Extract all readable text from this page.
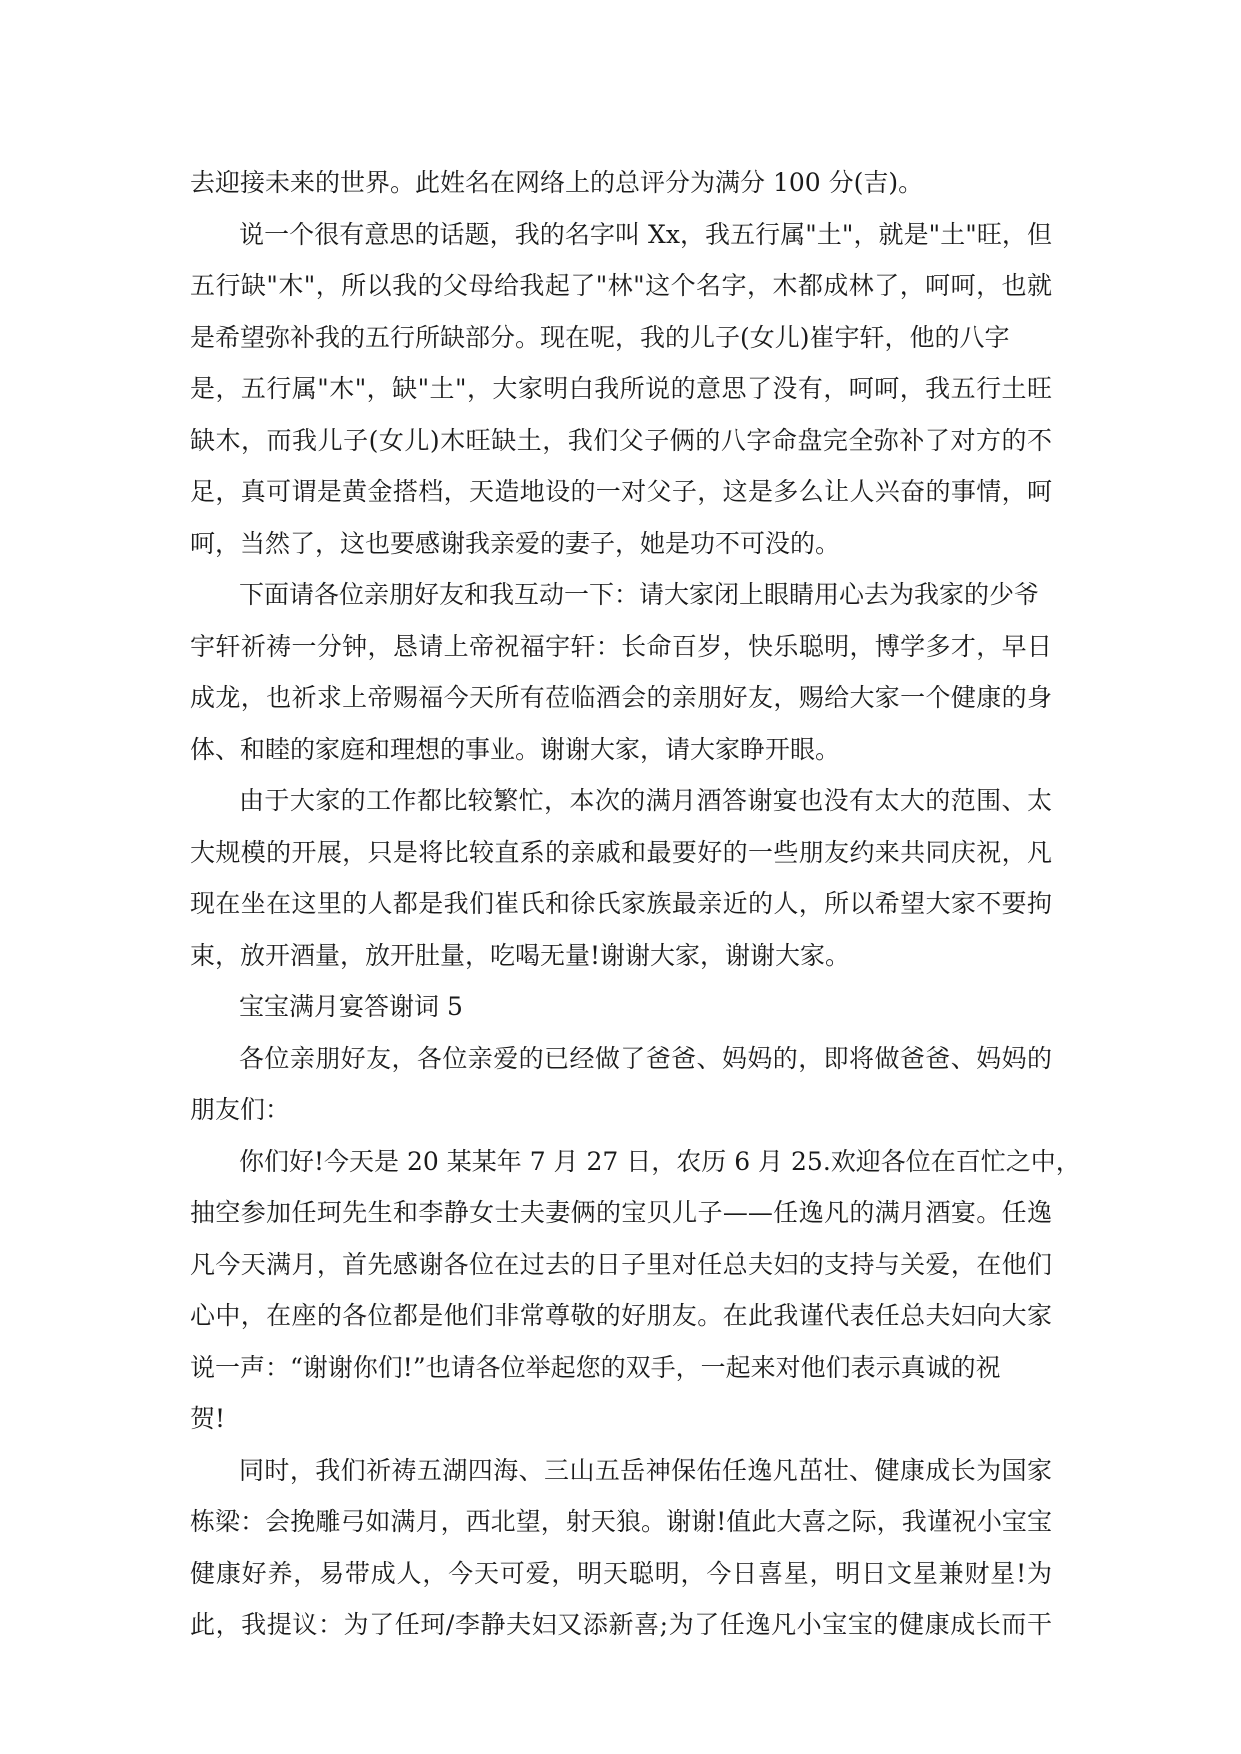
去迎接未来的世界。此姓名在网络上的总评分为满分 100 分(吉)。
说一个很有意思的话题，我的名字叫 Xx，我五行属"土"，就是"土"旺，但
五行缺"木"，所以我的父母给我起了"林"这个名字，木都成林了，呵呵，也就
是希望弥补我的五行所缺部分。现在呢，我的儿子(女儿)崔宇轩，他的八字
是，五行属"木"，缺"土"，大家明白我所说的意思了没有，呵呵，我五行土旺
缺木，而我儿子(女儿)木旺缺土，我们父子俩的八字命盘完全弥补了对方的不
足，真可谓是黄金搭档，天造地设的一对父子，这是多么让人兴奋的事情，呵
呵，当然了，这也要感谢我亲爱的妻子，她是功不可没的。
下面请各位亲朋好友和我互动一下：请大家闭上眼睛用心去为我家的少爷
宇轩祈祷一分钟，恳请上帝祝福宇轩：长命百岁，快乐聪明，博学多才，早日
成龙，也祈求上帝赐福今天所有莅临酒会的亲朋好友，赐给大家一个健康的身
体、和睦的家庭和理想的事业。谢谢大家，请大家睁开眼。
由于大家的工作都比较繁忙，本次的满月酒答谢宴也没有太大的范围、太
大规模的开展，只是将比较直系的亲戚和最要好的一些朋友约来共同庆祝，凡
现在坐在这里的人都是我们崔氏和徐氏家族最亲近的人，所以希望大家不要拘
束，放开酒量，放开肚量，吃喝无量!谢谢大家，谢谢大家。
宝宝满月宴答谢词 5
各位亲朋好友，各位亲爱的已经做了爸爸、妈妈的，即将做爸爸、妈妈的
朋友们：
你们好!今天是 20 某某年 7 月 27 日，农历 6 月 25.欢迎各位在百忙之中，
抽空参加任珂先生和李静女士夫妻俩的宝贝儿子——任逸凡的满月酒宴。任逸
凡今天满月，首先感谢各位在过去的日子里对任总夫妇的支持与关爱，在他们
心中，在座的各位都是他们非常尊敬的好朋友。在此我谨代表任总夫妇向大家
说一声：“谢谢你们!”也请各位举起您的双手，一起来对他们表示真诚的祝
贺!
同时，我们祈祷五湖四海、三山五岳神保佑任逸凡茁壮、健康成长为国家
栋梁：会挽雕弓如满月，西北望，射天狼。谢谢!值此大喜之际，我谨祝小宝宝
健康好养，易带成人，今天可爱，明天聪明，今日喜星，明日文星兼财星!为
此，我提议：为了任珂/李静夫妇又添新喜;为了任逸凡小宝宝的健康成长而干
